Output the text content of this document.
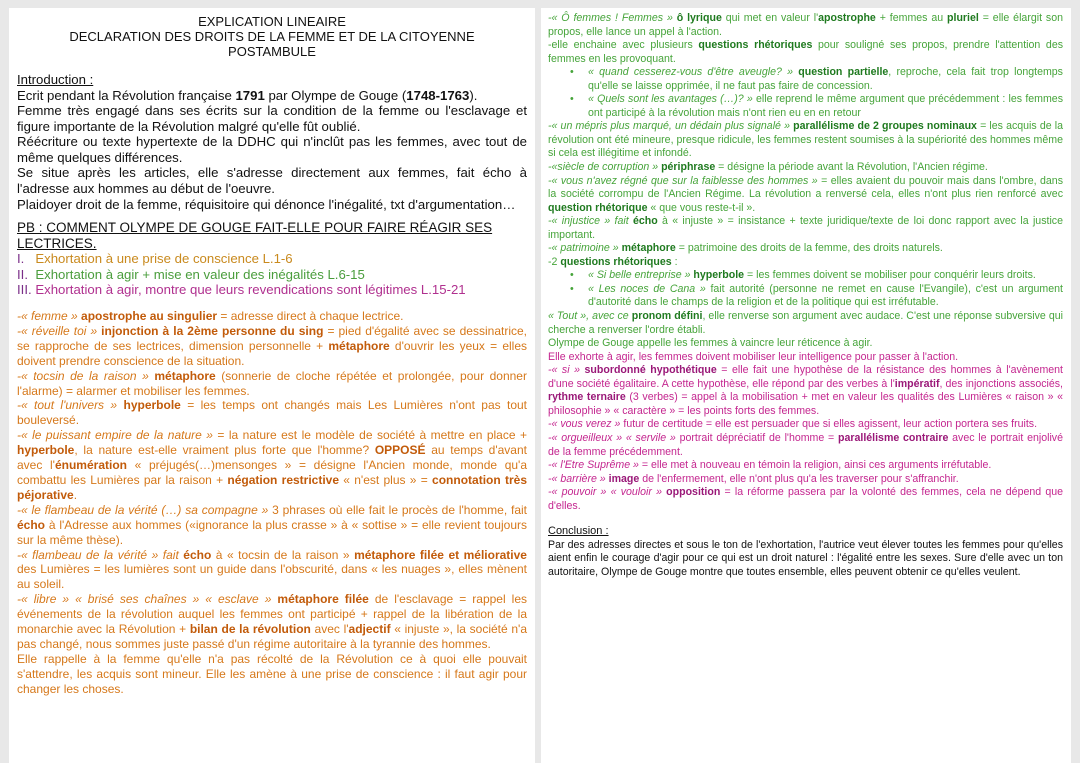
EXPLICATION LINEAIRE
DECLARATION DES DROITS DE LA FEMME ET DE LA CITOYENNE
POSTAMBULE
Introduction :
Ecrit pendant la Révolution française 1791 par Olympe de Gouge (1748-1763).
Femme très engagé dans ses écrits sur la condition de la femme ou l'esclavage et figure importante de la Révolution malgré qu'elle fût oublié.
Réécriture ou texte hypertexte de la DDHC qui n'inclût pas les femmes, avec tout de même quelques différences.
Se situe après les articles, elle s'adresse directement aux femmes, fait écho à l'adresse aux hommes au début de l'oeuvre.
Plaidoyer droit de la femme, réquisitoire qui dénonce l'inégalité, txt d'argumentation…
PB : COMMENT OLYMPE DE GOUGE FAIT-ELLE POUR FAIRE RÉAGIR SES LECTRICES.
I. Exhortation à une prise de conscience L.1-6
II. Exhortation à agir + mise en valeur des inégalités L.6-15
III. Exhortation à agir, montre que leurs revendications sont légitimes L.15-21
-« femme » apostrophe au singulier = adresse direct à chaque lectrice.
-« réveille toi » injonction à la 2ème personne du sing = pied d'égalité avec se dessinatrice, se rapproche de ses lectrices, dimension personnelle + métaphore d'ouvrir les yeux = elles doivent prendre conscience de la situation.
-« tocsin de la raison » métaphore (sonnerie de cloche répétée et prolongée, pour donner l'alarme) = alarmer et mobiliser les femmes.
-« tout l'univers » hyperbole = les temps ont changés mais Les Lumières n'ont pas tout bouleversé.
-« le puissant empire de la nature » = la nature est le modèle de société à mettre en place + hyperbole, la nature est-elle vraiment plus forte que l'homme? OPPOSÉ au temps d'avant avec l'énumération « préjugés(…)mensonges » = désigne l'Ancien monde, monde qu'a combattu les Lumières par la raison + négation restrictive « n'est plus » = connotation très péjorative.
-« le flambeau de la vérité (…) sa compagne » 3 phrases où elle fait le procès de l'homme, fait écho à l'Adresse aux hommes («ignorance la plus crasse » à « sottise » = elle revient toujours sur la même thèse).
-« flambeau de la vérité » fait écho à « tocsin de la raison » métaphore filée et méliorative des Lumières = les lumières sont un guide dans l'obscurité, dans « les nuages », elles mènent au soleil.
-« libre » « brisé ses chaînes » « esclave » métaphore filée de l'esclavage = rappel les événements de la révolution auquel les femmes ont participé + rappel de la libération de la monarchie avec la Révolution + bilan de la révolution avec l'adjectif « injuste », la société n'a pas changé, nous sommes juste passé d'un régime autoritaire à la tyrannie des hommes.
Elle rappelle à la femme qu'elle n'a pas récolté de la Révolution ce à quoi elle pouvait s'attendre, les acquis sont mineur. Elle les amène à une prise de conscience : il faut agir pour changer les choses.
-« Ô femmes ! Femmes » ô lyrique qui met en valeur l'apostrophe + femmes au pluriel = elle élargit son propos, elle lance un appel à l'action.
-elle enchaine avec plusieurs questions rhétoriques pour souligné ses propos, prendre l'attention des femmes en les provoquant.
• « quand cesserez-vous d'être aveugle? » question partielle, reproche, cela fait trop longtemps qu'elle se laisse opprimée, il ne faut pas faire de concession.
• « Quels sont les avantages (…)? » elle reprend le même argument que précédemment : les femmes ont participé à la révolution mais n'ont rien eu en en retour
-« un mépris plus marqué, un dédain plus signalé » parallélisme de 2 groupes nominaux = les acquis de la révolution ont été mineure, presque ridicule, les femmes restent soumises à la supériorité des hommes même si cela est illégitime et infondé.
-«siècle de corruption » périphrase = désigne la période avant la Révolution, l'Ancien régime.
-« vous n'avez régné que sur la faiblesse des hommes » = elles avaient du pouvoir mais dans l'ombre, dans la société corrompu de l'Ancien Régime. La révolution a renversé cela, elles n'ont plus rien renforcé avec question rhétorique « que vous reste-t-il ».
-« injustice » fait écho à « injuste » = insistance + texte juridique/texte de loi donc rapport avec la justice important.
-« patrimoine » métaphore = patrimoine des droits de la femme, des droits naturels.
-2 questions rhétoriques :
• « Si belle entreprise » hyperbole = les femmes doivent se mobiliser pour conquérir leurs droits.
• « Les noces de Cana » fait autorité (personne ne remet en cause l'Evangile), c'est un argument d'autorité dans le champs de la religion et de la politique qui est irréfutable.
« Tout », avec ce pronom défini, elle renverse son argument avec audace. C'est une réponse subversive qui cherche a renverser l'ordre établi.
Olympe de Gouge appelle les femmes à vaincre leur réticence à agir.
Elle exhorte à agir, les femmes doivent mobiliser leur intelligence pour passer à l'action.
-« si » subordonné hypothétique = elle fait une hypothèse de la résistance des hommes à l'avènement d'une société égalitaire. A cette hypothèse, elle répond par des verbes à l'impératif, des injonctions associés, rythme ternaire (3 verbes) = appel à la mobilisation + met en valeur les qualités des Lumières « raison » « philosophie » « caractère » = les points forts des femmes.
-« vous verez » futur de certitude = elle est persuader que si elles agissent, leur action portera ses fruits.
-« orgueilleux » « servile » portrait dépréciatif de l'homme = parallélisme contraire avec le portrait enjolivé de la femme précédemment.
-« l'Etre Suprême » = elle met à nouveau en témoin la religion, ainsi ces arguments irréfutable.
-« barrière » image de l'enfermement, elle n'ont plus qu'a les traverser pour s'affranchir.
-« pouvoir » « vouloir » opposition = la réforme passera par la volonté des femmes, cela ne dépend que d'elles.
Conclusion :
Par des adresses directes et sous le ton de l'exhortation, l'autrice veut élever toutes les femmes pour qu'elles aient enfin le courage d'agir pour ce qui est un droit naturel : l'égalité entre les sexes. Sure d'elle avec un ton autoritaire, Olympe de Gouge montre que toutes ensemble, elles peuvent obtenir ce qu'elles veulent.
